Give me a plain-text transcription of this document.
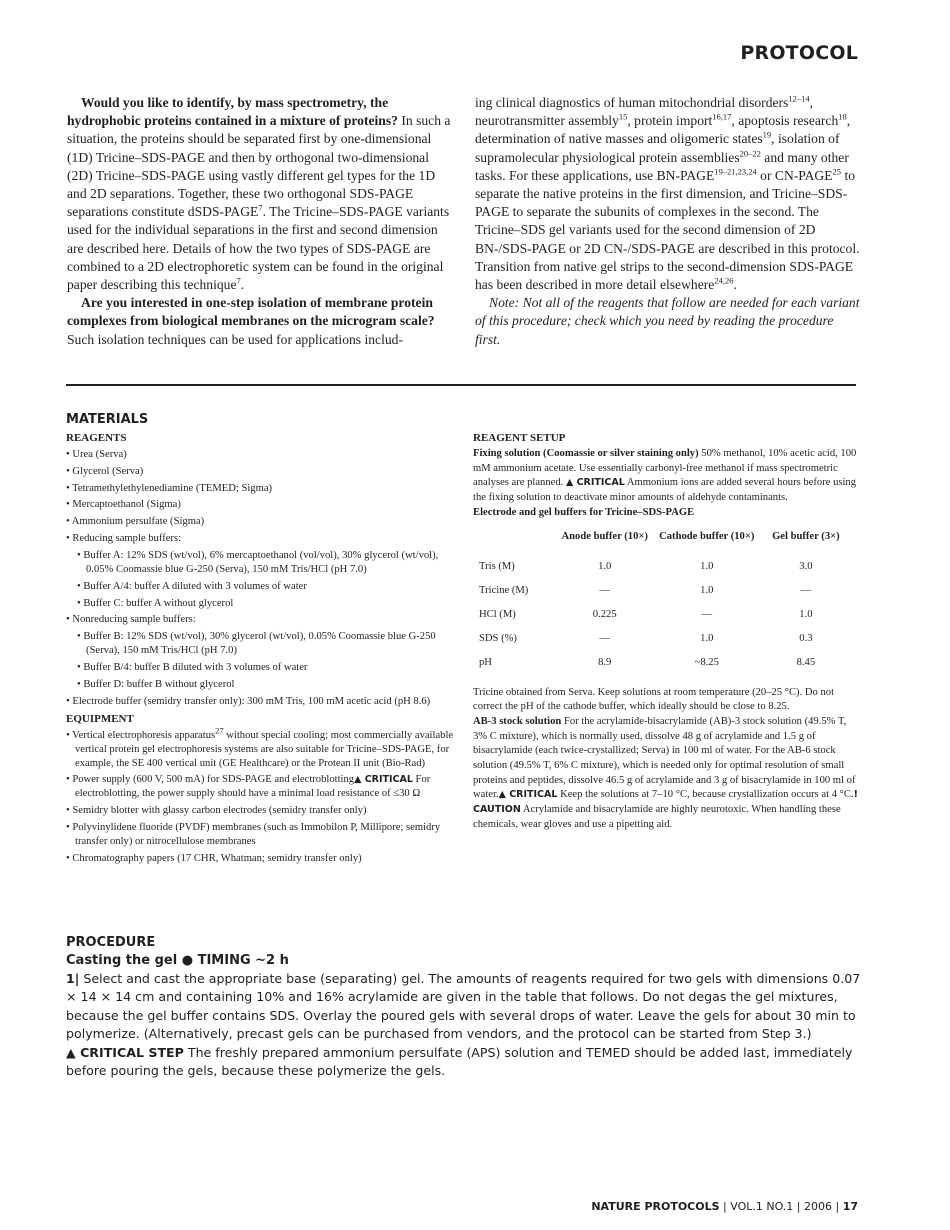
PROTOCOL

Would you like to identify, by mass spectrometry, the hydrophobic proteins contained in a mixture of proteins? In such a situation, the proteins should be separated first by one-dimensional (1D) Tricine–SDS-PAGE and then by orthogonal two-dimensional (2D) Tricine–SDS-PAGE using vastly different gel types for the 1D and 2D separations. Together, these two orthogonal SDS-PAGE separations constitute dSDS-PAGE$^7$. The Tricine–SDS-PAGE variants used for the individual separations in the first and second dimension are described here. Details of how the two types of SDS-PAGE are combined to a 2D electrophoretic system can be found in the original paper describing this technique$^7$.

Are you interested in one-step isolation of membrane protein complexes from biological membranes on the microgram scale? Such isolation techniques can be used for applications includ-

ing clinical diagnostics of human mitochondrial disorders$^{12-14}$, neurotransmitter assembly$^{15}$, protein import$^{16,17}$, apoptosis research$^{18}$, determination of native masses and oligomeric states$^{19}$, isolation of supramolecular physiological protein assemblies$^{20-22}$ and many other tasks. For these applications, use BN-PAGE$^{19-21,23,24}$ or CN-PAGE$^{25}$ to separate the native proteins in the first dimension, and Tricine–SDS-PAGE to separate the subunits of complexes in the second. The Tricine–SDS gel variants used for the second dimension of 2D BN-/SDS-PAGE or 2D CN-/SDS-PAGE are described in this protocol. Transition from native gel strips to the second-dimension SDS-PAGE has been described in more detail elsewhere$^{24,26}$.

Note: Not all of the reagents that follow are needed for each variant of this procedure; check which you need by reading the procedure first.

MATERIALS
REAGENTS
• Urea (Serva)
• Glycerol (Serva)
• Tetramethylethylenediamine (TEMED; Sigma)
• Mercaptoethanol (Sigma)
• Ammonium persulfate (Sigma)
• Reducing sample buffers:
• Buffer A: 12% SDS (wt/vol), 6% mercaptoethanol (vol/vol), 30% glycerol (wt/vol), 0.05% Coomassie blue G-250 (Serva), 150 mM Tris/HCl (pH 7.0)
• Buffer A/4: buffer A diluted with 3 volumes of water
• Buffer C: buffer A without glycerol
• Nonreducing sample buffers:
• Buffer B: 12% SDS (wt/vol), 30% glycerol (wt/vol), 0.05% Coomassie blue G-250 (Serva), 150 mM Tris/HCl (pH 7.0)
• Buffer B/4: buffer B diluted with 3 volumes of water
• Buffer D: buffer B without glycerol
• Electrode buffer (semidry transfer only): 300 mM Tris, 100 mM acetic acid (pH 8.6)
EQUIPMENT
• Vertical electrophoresis apparatus$^{27}$ without special cooling; most commercially available vertical protein gel electrophoresis systems are also suitable for Tricine–SDS-PAGE, for example, the SE 400 vertical unit (GE Healthcare) or the Protean II unit (Bio-Rad)
• Power supply (600 V, 500 mA) for SDS-PAGE and electroblotting▲ CRITICAL For electroblotting, the power supply should have a minimal load resistance of ≤30 Ω
• Semidry blotter with glassy carbon electrodes (semidry transfer only)
• Polyvinylidene fluoride (PVDF) membranes (such as Immobilon P, Millipore; semidry transfer only) or nitrocellulose membranes
• Chromatography papers (17 CHR, Whatman; semidry transfer only)
REAGENT SETUP

Fixing solution (Coomassie or silver staining only) 50% methanol, 10% acetic acid, 100 mM ammonium acetate. Use essentially carbonyl-free methanol if mass spectrometric analyses are planned. ▲ CRITICAL Ammonium ions are added several hours before using the fixing solution to deactivate minor amounts of aldehyde contaminants.

Electrode and gel buffers for Tricine–SDS-PAGE

	Anode buffer (10×)	Cathode buffer (10×)	Gel buffer (3×)
Tris (M)	1.0	1.0	3.0
Tricine (M)	—	1.0	—
HCl (M)	0.225	—	1.0
SDS (%)	—	1.0	0.3
pH	8.9	~8.25	8.45

Tricine obtained from Serva. Keep solutions at room temperature (20–25 °C). Do not correct the pH of the cathode buffer, which ideally should be close to 8.25.

AB-3 stock solution For the acrylamide-bisacrylamide (AB)-3 stock solution (49.5% T, 3% C mixture), which is normally used, dissolve 48 g of acrylamide and 1.5 g of bisacrylamide (each twice-crystallized; Serva) in 100 ml of water. For the AB-6 stock solution (49.5% T, 6% C mixture), which is needed only for optimal resolution of small proteins and peptides, dissolve 46.5 g of acrylamide and 3 g of bisacrylamide in 100 ml of water.▲ CRITICAL Keep the solutions at 7–10 °C, because crystallization occurs at 4 °C.! CAUTION Acrylamide and bisacrylamide are highly neurotoxic. When handling these chemicals, wear gloves and use a pipetting aid.

PROCEDURE
Casting the gel ● TIMING ~2 h

1| Select and cast the appropriate base (separating) gel. The amounts of reagents required for two gels with dimensions 0.07 × 14 × 14 cm and containing 10% and 16% acrylamide are given in the table that follows. Do not degas the gel mixtures, because the gel buffer contains SDS. Overlay the poured gels with several drops of water. Leave the gels for about 30 min to polymerize. (Alternatively, precast gels can be purchased from vendors, and the protocol can be started from Step 3.)

▲ CRITICAL STEP The freshly prepared ammonium persulfate (APS) solution and TEMED should be added last, immediately before pouring the gels, because these polymerize the gels.

NATURE PROTOCOLS | VOL.1 NO.1 | 2006 | 17
